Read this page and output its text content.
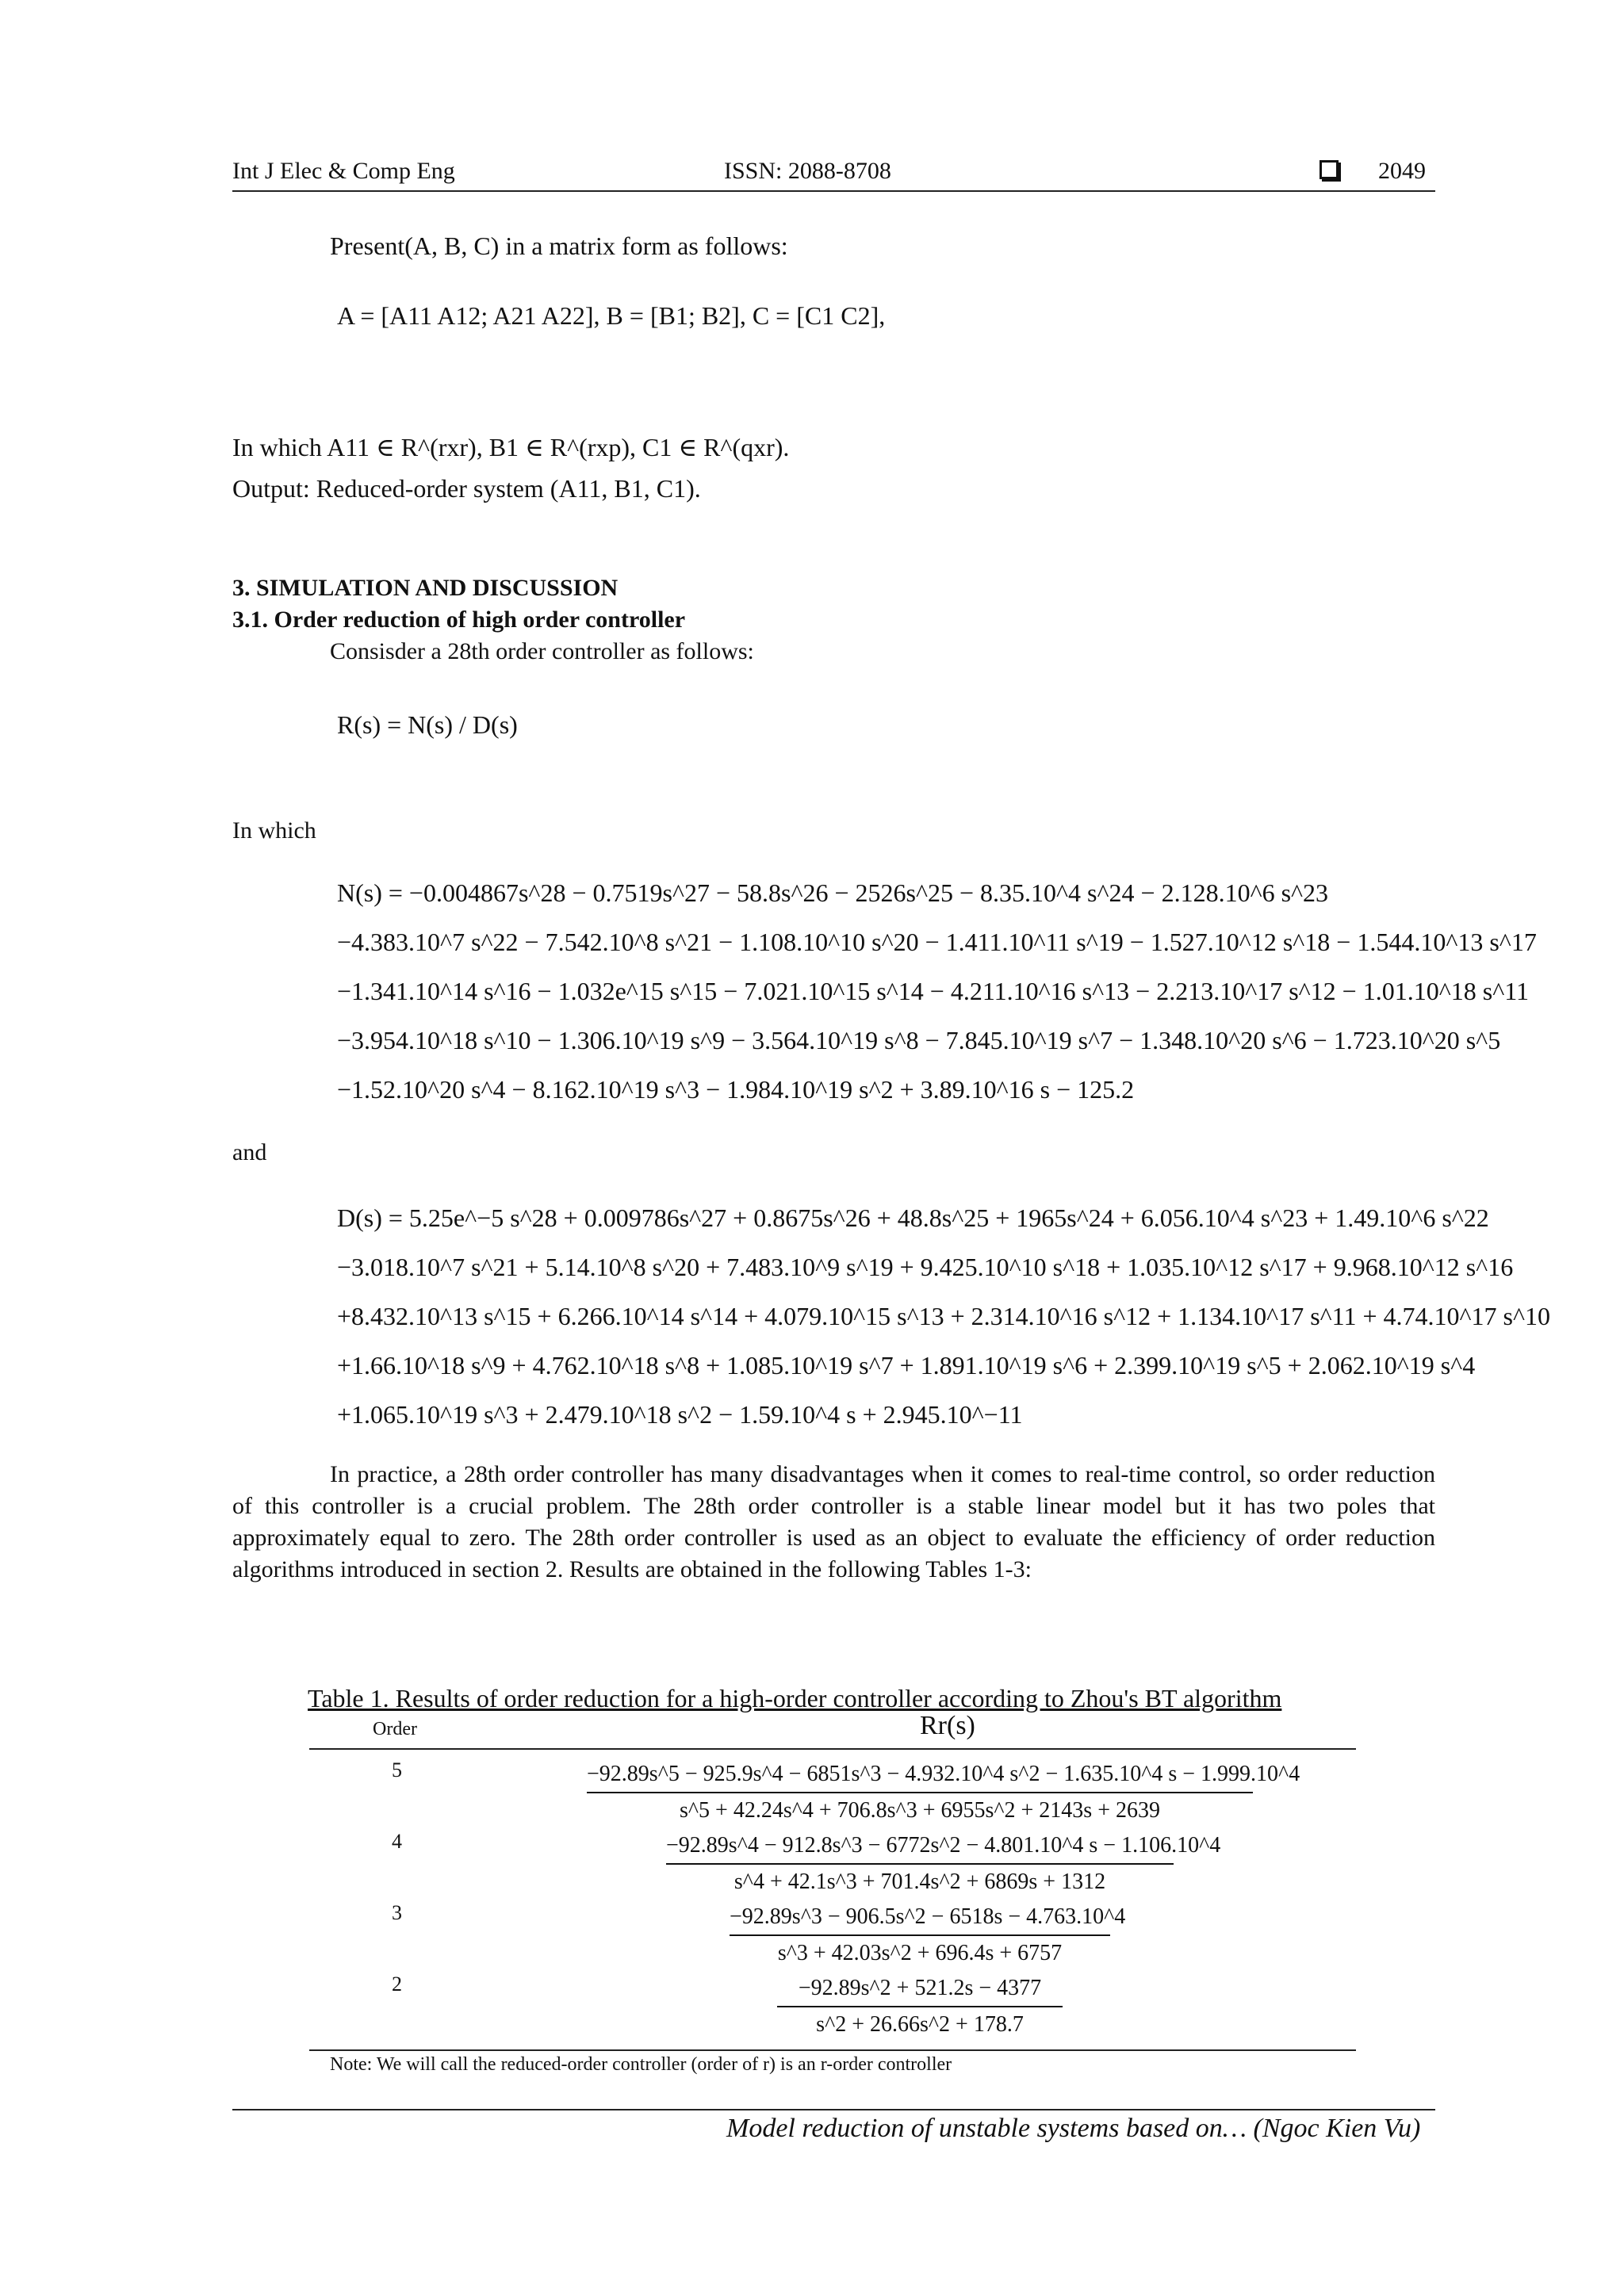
Int J Elec & Comp Eng	ISSN: 2088-8708	2049
Present(A, B, C) in a matrix form as follows:
A = [A11 A12; A21 A22], B = [B1; B2], C = [C1 C2],
In which A11 ∈ R^(rxr), B1 ∈ R^(rxp), C1 ∈ R^(qxr).
Output: Reduced-order system (A11, B1, C1).
3. SIMULATION AND DISCUSSION
3.1. Order reduction of high order controller
Consisder a 28th order controller as follows:
R(s) = N(s) / D(s)
In which
N(s) = −0.004867s^28 − 0.7519s^27 − 58.8s^26 − 2526s^25 − 8.35.10^4 s^24 − 2.128.10^6 s^23
−4.383.10^7 s^22 − 7.542.10^8 s^21 − 1.108.10^10 s^20 − 1.411.10^11 s^19 − 1.527.10^12 s^18 − 1.544.10^13 s^17
−1.341.10^14 s^16 − 1.032e^15 s^15 − 7.021.10^15 s^14 − 4.211.10^16 s^13 − 2.213.10^17 s^12 − 1.01.10^18 s^11
−3.954.10^18 s^10 − 1.306.10^19 s^9 − 3.564.10^19 s^8 − 7.845.10^19 s^7 − 1.348.10^20 s^6 − 1.723.10^20 s^5
−1.52.10^20 s^4 − 8.162.10^19 s^3 − 1.984.10^19 s^2 + 3.89.10^16 s − 125.2
and
D(s) = 5.25e^−5 s^28 + 0.009786s^27 + 0.8675s^26 + 48.8s^25 + 1965s^24 + 6.056.10^4 s^23 + 1.49.10^6 s^22
−3.018.10^7 s^21 + 5.14.10^8 s^20 + 7.483.10^9 s^19 + 9.425.10^10 s^18 + 1.035.10^12 s^17 + 9.968.10^12 s^16
+8.432.10^13 s^15 + 6.266.10^14 s^14 + 4.079.10^15 s^13 + 2.314.10^16 s^12 + 1.134.10^17 s^11 + 4.74.10^17 s^10
+1.66.10^18 s^9 + 4.762.10^18 s^8 + 1.085.10^19 s^7 + 1.891.10^19 s^6 + 2.399.10^19 s^5 + 2.062.10^19 s^4
+1.065.10^19 s^3 + 2.479.10^18 s^2 − 1.59.10^4 s + 2.945.10^−11

In practice, a 28th order controller has many disadvantages when it comes to real-time control, so order reduction of this controller is a crucial problem. The 28th order controller is a stable linear model but it has two poles that approximately equal to zero. The 28th order controller is used as an object to evaluate the efficiency of order reduction algorithms introduced in section 2. Results are obtained in the following Tables 1-3:

Table 1. Results of order reduction for a high-order controller according to Zhou's BT algorithm
Order	Rr(s)
5	−92.89s^5 − 925.9s^4 − 6851s^3 − 4.932.10^4 s^2 − 1.635.10^4 s − 1.999.10^4
s^5 + 42.24s^4 + 706.8s^3 + 6955s^2 + 2143s + 2639
4	−92.89s^4 − 912.8s^3 − 6772s^2 − 4.801.10^4 s − 1.106.10^4
s^4 + 42.1s^3 + 701.4s^2 + 6869s + 1312
3	−92.89s^3 − 906.5s^2 − 6518s − 4.763.10^4
s^3 + 42.03s^2 + 696.4s + 6757
2	−92.89s^2 + 521.2s − 4377
s^2 + 26.66s^2 + 178.7
Note: We will call the reduced-order controller (order of r) is an r-order controller
Model reduction of unstable systems based on… (Ngoc Kien Vu)
